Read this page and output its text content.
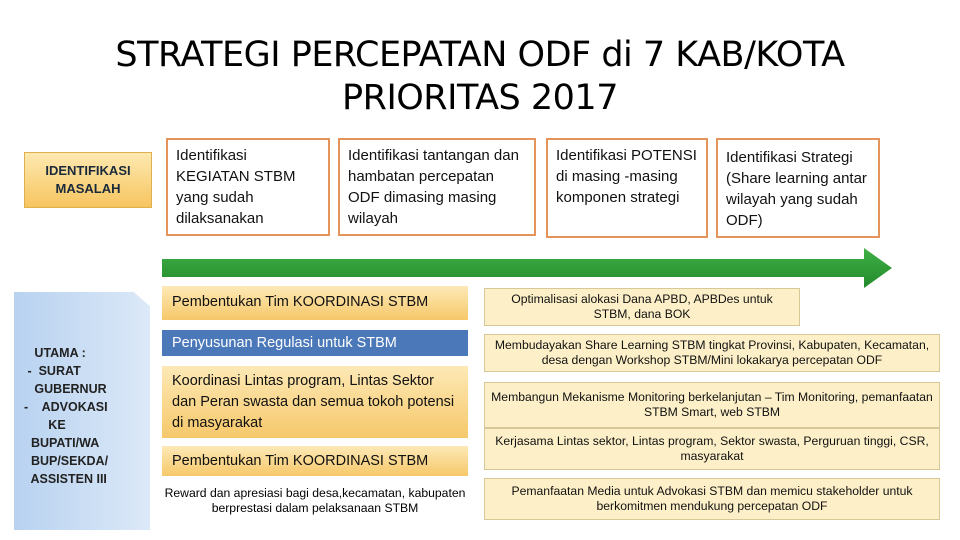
STRATEGI PERCEPATAN ODF di 7 KAB/KOTA
PRIORITAS 2017
IDENTIFIKASI
MASALAH
Identifikasi KEGIATAN STBM yang sudah dilaksanakan
Identifikasi tantangan dan hambatan percepatan ODF dimasing masing wilayah
Identifikasi POTENSI di masing -masing komponen strategi
Identifikasi Strategi (Share learning antar wilayah yang sudah ODF)
UTAMA :
-  SURAT
GUBERNUR
-    ADVOKASI
KE
BUPATI/WA
BUP/SEKDA/
ASSISTEN III
Pembentukan Tim KOORDINASI STBM
Penyusunan Regulasi untuk STBM
Koordinasi Lintas program, Lintas Sektor dan Peran swasta dan semua tokoh potensi di masyarakat
Pembentukan Tim KOORDINASI STBM
Reward dan apresiasi bagi desa,kecamatan, kabupaten berprestasi dalam pelaksanaan STBM
Optimalisasi alokasi Dana APBD, APBDes untuk STBM, dana BOK
Membudayakan Share Learning STBM tingkat Provinsi, Kabupaten, Kecamatan, desa dengan Workshop STBM/Mini lokakarya percepatan ODF
Membangun Mekanisme Monitoring berkelanjutan – Tim Monitoring, pemanfaatan STBM Smart, web STBM
Kerjasama Lintas sektor, Lintas program, Sektor swasta, Perguruan tinggi, CSR, masyarakat
Pemanfaatan Media untuk Advokasi STBM dan memicu stakeholder untuk berkomitmen mendukung percepatan ODF
